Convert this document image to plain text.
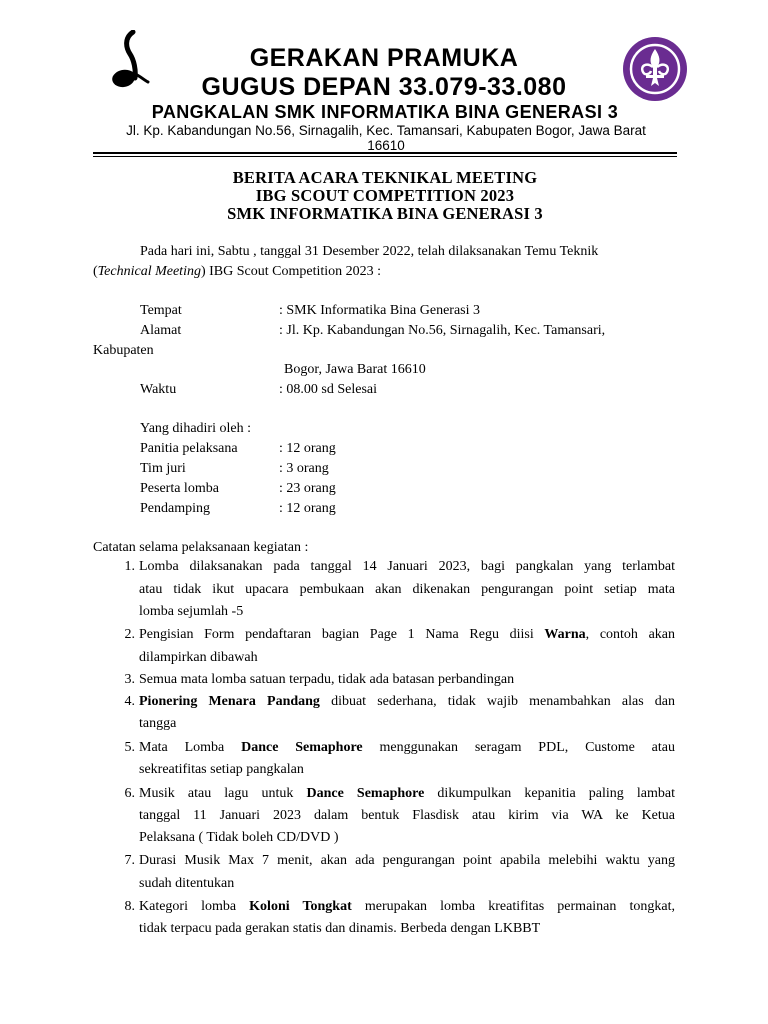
GERAKAN PRAMUKA
GUGUS DEPAN 33.079-33.080
PANGKALAN SMK INFORMATIKA BINA GENERASI 3
Jl. Kp. Kabandungan No.56, Sirnagalih, Kec. Tamansari, Kabupaten Bogor, Jawa Barat
16610
BERITA ACARA TEKNIKAL MEETING
IBG SCOUT COMPETITION 2023
SMK INFORMATIKA BINA GENERASI 3
Pada hari ini, Sabtu , tanggal 31 Desember 2022, telah dilaksanakan Temu Teknik
(Technical Meeting) IBG Scout Competition 2023 :
Tempat	: SMK Informatika Bina Generasi 3
Alamat	: Jl. Kp. Kabandungan No.56, Sirnagalih, Kec. Tamansari,
Kabupaten
Bogor, Jawa Barat 16610
Waktu	: 08.00 sd Selesai
Yang dihadiri oleh :
Panitia pelaksana	: 12 orang
Tim juri	: 3 orang
Peserta lomba	: 23 orang
Pendamping	: 12 orang
Catatan selama pelaksanaan kegiatan :
1. Lomba dilaksanakan pada tanggal 14 Januari 2023, bagi pangkalan yang terlambat
atau tidak ikut upacara pembukaan akan dikenakan pengurangan point setiap mata
lomba sejumlah -5
2. Pengisian Form pendaftaran bagian Page 1 Nama Regu diisi Warna, contoh akan
dilampirkan dibawah
3. Semua mata lomba satuan terpadu, tidak ada batasan perbandingan
4. Pionering Menara Pandang dibuat sederhana, tidak wajib menambahkan alas dan
tangga
5. Mata Lomba Dance Semaphore menggunakan seragam PDL, Custome atau
sekreatifitas setiap pangkalan
6. Musik atau lagu untuk Dance Semaphore dikumpulkan kepanitia paling lambat
tanggal 11 Januari 2023 dalam bentuk Flasdisk atau kirim via WA ke Ketua
Pelaksana ( Tidak boleh CD/DVD )
7. Durasi Musik Max 7 menit, akan ada pengurangan point apabila melebihi waktu yang
sudah ditentukan
8. Kategori lomba Koloni Tongkat merupakan lomba kreatifitas permainan tongkat,
tidak terpacu pada gerakan statis dan dinamis. Berbeda dengan LKBBT
